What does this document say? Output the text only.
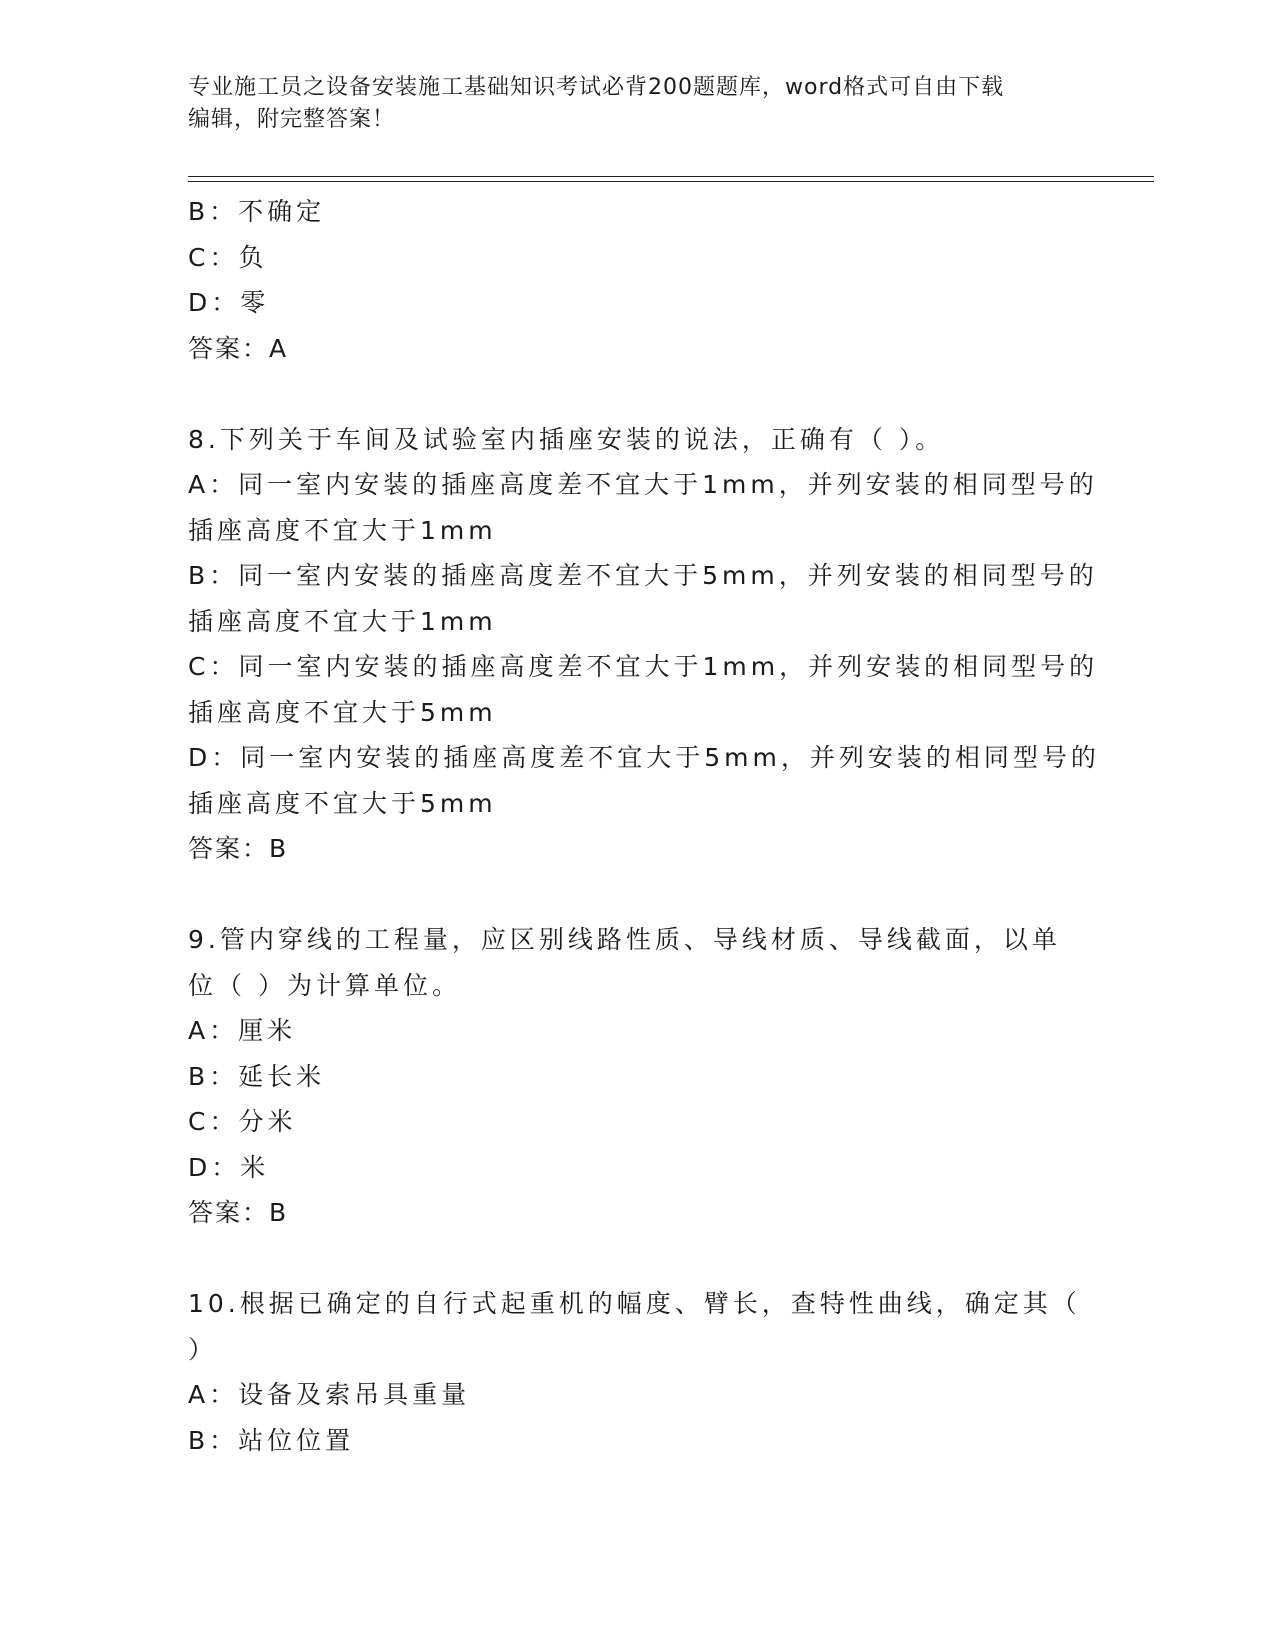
专业施工员之设备安装施工基础知识考试必背200题题库，word格式可自由下载
编辑，附完整答案！
B：不确定
C：负
D：零
答案：A
8.下列关于车间及试验室内插座安装的说法，正确有（ ）。
A：同一室内安装的插座高度差不宜大于1mm，并列安装的相同型号的
插座高度不宜大于1mm
B：同一室内安装的插座高度差不宜大于5mm，并列安装的相同型号的
插座高度不宜大于1mm
C：同一室内安装的插座高度差不宜大于1mm，并列安装的相同型号的
插座高度不宜大于5mm
D：同一室内安装的插座高度差不宜大于5mm，并列安装的相同型号的
插座高度不宜大于5mm
答案：B
9.管内穿线的工程量，应区别线路性质、导线材质、导线截面，以单
位（ ）为计算单位。
A：厘米
B：延长米
C：分米
D：米
答案：B
10.根据已确定的自行式起重机的幅度、臂长，查特性曲线，确定其（
）
A：设备及索吊具重量
B：站位位置
